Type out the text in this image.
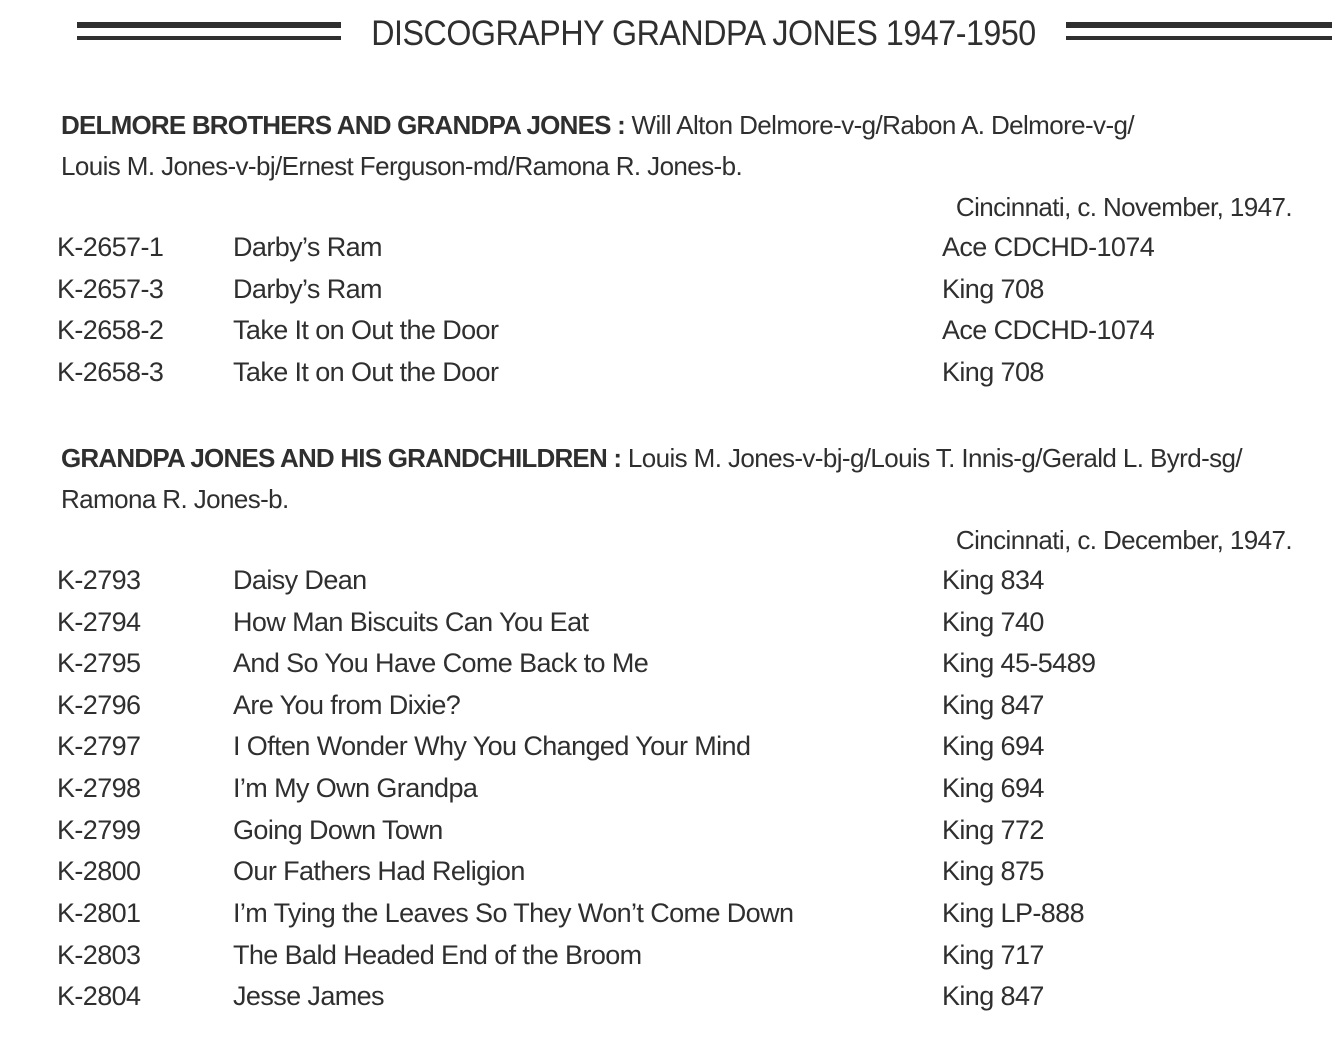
DISCOGRAPHY GRANDPA JONES 1947-1950
DELMORE BROTHERS AND GRANDPA JONES : Will Alton Delmore-v-g/Rabon A. Delmore-v-g/
Louis M. Jones-v-bj/Ernest Ferguson-md/Ramona R. Jones-b.
Cincinnati, c. November, 1947.
K-2657-1	Darby’s Ram	Ace CDCHD-1074
K-2657-3	Darby’s Ram	King 708
K-2658-2	Take It on Out the Door	Ace CDCHD-1074
K-2658-3	Take It on Out the Door	King 708
GRANDPA JONES AND HIS GRANDCHILDREN : Louis M. Jones-v-bj-g/Louis T. Innis-g/Gerald L. Byrd-sg/
Ramona R. Jones-b.
Cincinnati, c. December, 1947.
K-2793	Daisy Dean	King 834
K-2794	How Man Biscuits Can You Eat	King 740
K-2795	And So You Have Come Back to Me	King 45-5489
K-2796	Are You from Dixie?	King 847
K-2797	I Often Wonder Why You Changed Your Mind	King 694
K-2798	I’m My Own Grandpa	King 694
K-2799	Going Down Town	King 772
K-2800	Our Fathers Had Religion	King 875
K-2801	I’m Tying the Leaves So They Won’t Come Down	King LP-888
K-2803	The Bald Headed End of the Broom	King 717
K-2804	Jesse James	King 847
